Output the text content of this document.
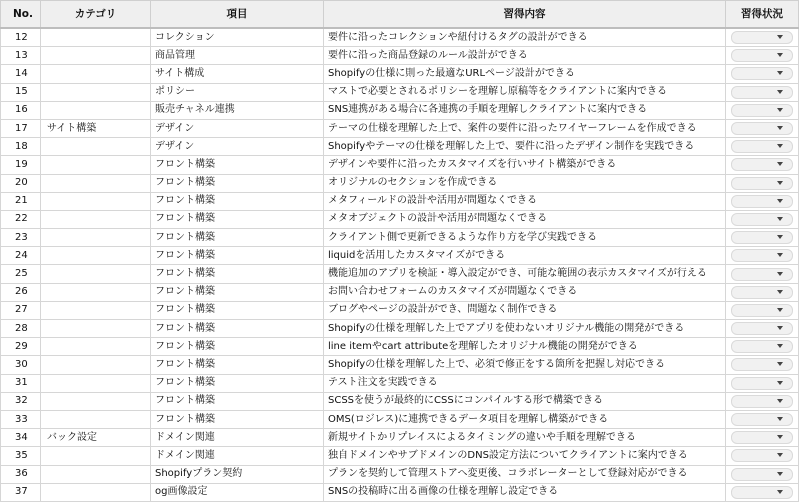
No.	カテゴリ	項目	習得内容	習得状況
12		コレクション	要件に沿ったコレクションや紐付けるタグの設計ができる	

13		商品管理	要件に沿った商品登録のルール設計ができる	

14		サイト構成	Shopifyの仕様に則った最適なURLページ設計ができる	

15		ポリシー	マストで必要とされるポリシーを理解し原稿等をクライアントに案内できる	

16		販売チャネル連携	SNS連携がある場合に各連携の手順を理解しクライアントに案内できる	

17	サイト構築	デザイン	テーマの仕様を理解した上で、案件の要件に沿ったワイヤーフレームを作成できる	

18		デザイン	Shopifyやテーマの仕様を理解した上で、要件に沿ったデザイン制作を実践できる	

19		フロント構築	デザインや要件に沿ったカスタマイズを行いサイト構築ができる	

20		フロント構築	オリジナルのセクションを作成できる	

21		フロント構築	メタフィールドの設計や活用が問題なくできる	

22		フロント構築	メタオブジェクトの設計や活用が問題なくできる	

23		フロント構築	クライアント側で更新できるような作り方を学び実践できる	

24		フロント構築	liquidを活用したカスタマイズができる	

25		フロント構築	機能追加のアプリを検証・導入設定ができ、可能な範囲の表示カスタマイズが行える	

26		フロント構築	お問い合わせフォームのカスタマイズが問題なくできる	

27		フロント構築	ブログやページの設計ができ、問題なく制作できる	

28		フロント構築	Shopifyの仕様を理解した上でアプリを使わないオリジナル機能の開発ができる	

29		フロント構築	line itemやcart attributeを理解したオリジナル機能の開発ができる	

30		フロント構築	Shopifyの仕様を理解した上で、必須で修正をする箇所を把握し対応できる	

31		フロント構築	テスト注文を実践できる	

32		フロント構築	SCSSを使うが最終的にCSSにコンパイルする形で構築できる	

33		フロント構築	OMS(ロジレス)に連携できるデータ項目を理解し構築ができる	

34	バック設定	ドメイン関連	新規サイトかリプレイスによるタイミングの違いや手順を理解できる	

35		ドメイン関連	独自ドメインやサブドメインのDNS設定方法についてクライアントに案内できる	

36		Shopifyプラン契約	プランを契約して管理ストアへ変更後、コラボレーターとして登録対応ができる	

37		og画像設定	SNSの投稿時に出る画像の仕様を理解し設定できる	
